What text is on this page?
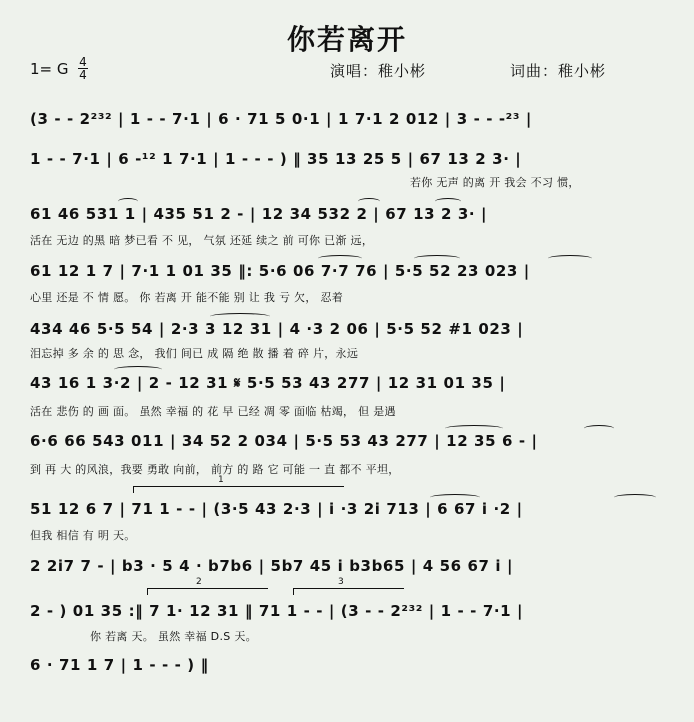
你若离开
1= G 4
4	演唱：稚小彬	词曲：稚小彬
(3 - - 2²³² | 1 - - 7·1 | 6 · 71 5 0·1 | 1 7·1 2 012 | 3 - - -²³ |
1 - - 7·1 | 6 -¹² 1 7·1 | 1 - - - ) ‖ 35 13 25 5 | 67 13 2 3· |
若你 无声 的离 开 我会 不习 惯，
61 46 531 1 | 435 51 2 - | 12 34 532 2 | 67 13 2 3· |
活在 无边 的黑 暗 梦已看 不 见， 气氛 还延 续之 前 可你 已渐 远，
61 12 1 7 | 7·1 1 01 35 ‖: 5·6 06 7·7 76 | 5·5 52 23 023 |
心里 还是 不 情 愿。 你 若离 开 能不能 别 让 我 亏 欠， 忍着
434 46 5·5 54 | 2·3 3 12 31 | 4 ·3 2 06 | 5·5 52 #1 023 |
泪忘掉 多 余 的 思 念， 我们 间已 成 隔 绝 散 播 着 碎 片，永远
43 16 1 3·2 | 2 - 12 31 𝄋 5·5 53 43 277 | 12 31 01 35 |
活在 悲伤 的 画 面。 虽然 幸福 的 花 早 已经 凋 零 面临 枯竭， 但 是遇
6·6 66 543 011 | 34 52 2 034 | 5·5 53 43 277 | 12 35 6 - |
到 再 大 的风浪，我要 勇敢 向前， 前方 的 路 它 可能 一 直 都不 平坦，
1
51 12 6 7 | 71 1 - - | (3·5 43 2·3 | i ·3 2i 713 | 6 67 i ·2 |
但我 相信 有 明 天。
2 2i7 7 - | b3 · 5 4 · b7b6 | 5b7 45 i b3b65 | 4 56 67 i |
2	3
2 - ) 01 35 :‖ 7 1· 12 31 ‖ 71 1 - - | (3 - - 2²³² | 1 - - 7·1 |
你 若离 天。 虽然 幸福 D.S 天。
6 · 71 1 7 | 1 - - - ) ‖
